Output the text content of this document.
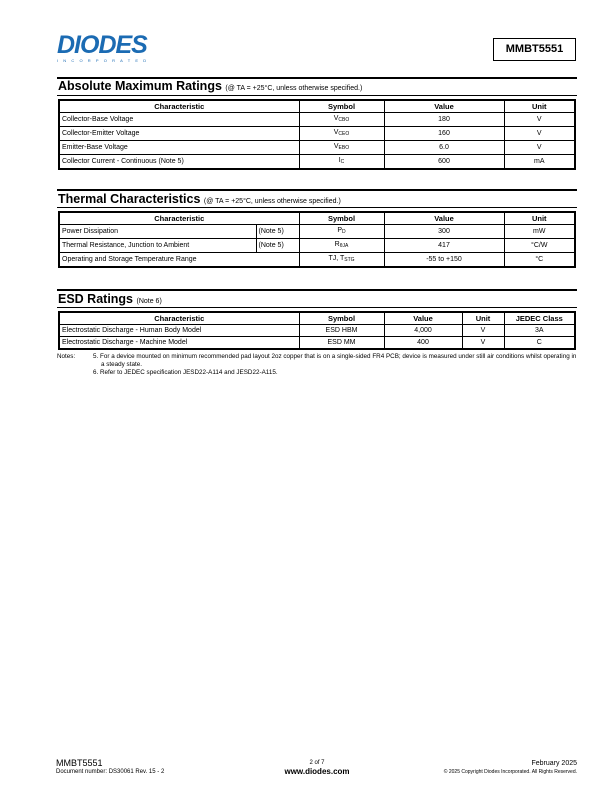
DIODES
INCORPORATED
MMBT5551
Absolute Maximum Ratings (@ TA = +25°C, unless otherwise specified.)
Characteristic	Symbol	Value	Unit
Collector-Base Voltage	$V_{CBO}$	180	V
Collector-Emitter Voltage	$V_{CEO}$	160	V
Emitter-Base Voltage	$V_{EBO}$	6.0	V
Collector Current - Continuous (Note 5)	$I_C$	600	mA
Thermal Characteristics (@ TA = +25°C, unless otherwise specified.)
Characteristic		Symbol	Value	Unit
Power Dissipation	(Note 5)	$P_D$	300	mW
Thermal Resistance, Junction to Ambient	(Note 5)	$R_{\theta JA}$	417	°C/W
Operating and Storage Temperature Range		TJ, $T_{STG}$	-55 to +150	°C
ESD Ratings (Note 6)
Characteristic	Symbol	Value	Unit	JEDEC Class
Electrostatic Discharge - Human Body Model	ESD HBM	4,000	V	3A
Electrostatic Discharge - Machine Model	ESD MM	400	V	C
Notes:	5. For a device mounted on minimum recommended pad layout 2oz copper that is on a single-sided FR4 PCB; device is measured under still air conditions whilst operating in a steady state.
6. Refer to JEDEC specification JESD22-A114 and JESD22-A115.
MMBT5551
Document number: DS30061 Rev. 15 - 2
2 of 7
www.diodes.com
February 2025
© 2025 Copyright Diodes Incorporated. All Rights Reserved.
